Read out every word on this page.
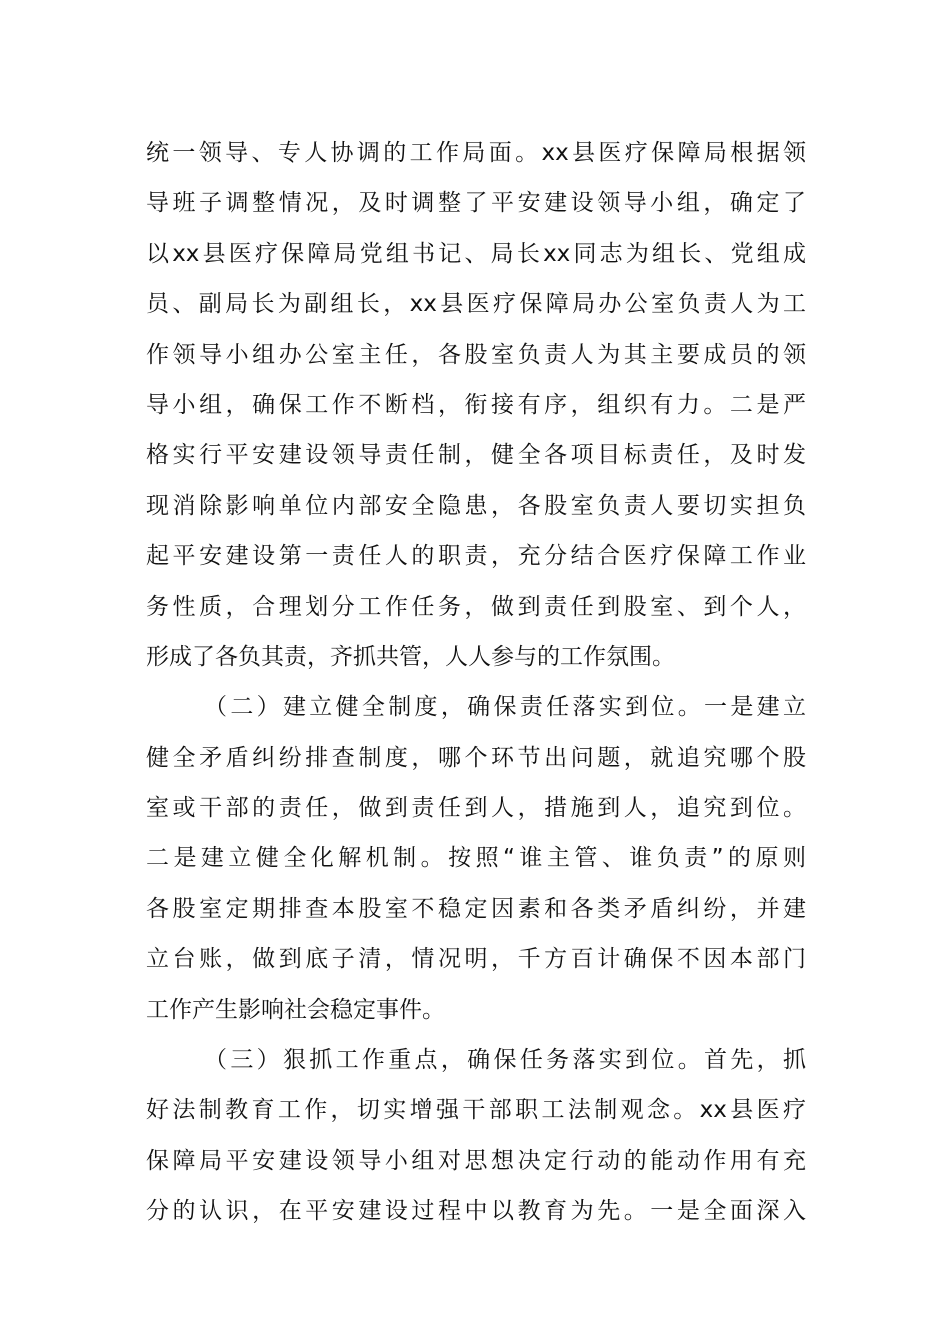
统一领导、专人协调的工作局面。xx县医疗保障局根据领
导班子调整情况，及时调整了平安建设领导小组，确定了
以xx县医疗保障局党组书记、局长xx同志为组长、党组成
员、副局长为副组长，xx县医疗保障局办公室负责人为工
作领导小组办公室主任，各股室负责人为其主要成员的领
导小组，确保工作不断档，衔接有序，组织有力。二是严
格实行平安建设领导责任制，健全各项目标责任，及时发
现消除影响单位内部安全隐患，各股室负责人要切实担负
起平安建设第一责任人的职责，充分结合医疗保障工作业
务性质，合理划分工作任务，做到责任到股室、到个人，
形成了各负其责，齐抓共管，人人参与的工作氛围。
（二）建立健全制度，确保责任落实到位。一是建立
健全矛盾纠纷排查制度，哪个环节出问题，就追究哪个股
室或干部的责任，做到责任到人，措施到人，追究到位。
二是建立健全化解机制。按照“谁主管、谁负责”的原则
各股室定期排查本股室不稳定因素和各类矛盾纠纷，并建
立台账，做到底子清，情况明，千方百计确保不因本部门
工作产生影响社会稳定事件。
（三）狠抓工作重点，确保任务落实到位。首先，抓
好法制教育工作，切实增强干部职工法制观念。xx县医疗
保障局平安建设领导小组对思想决定行动的能动作用有充
分的认识，在平安建设过程中以教育为先。一是全面深入
